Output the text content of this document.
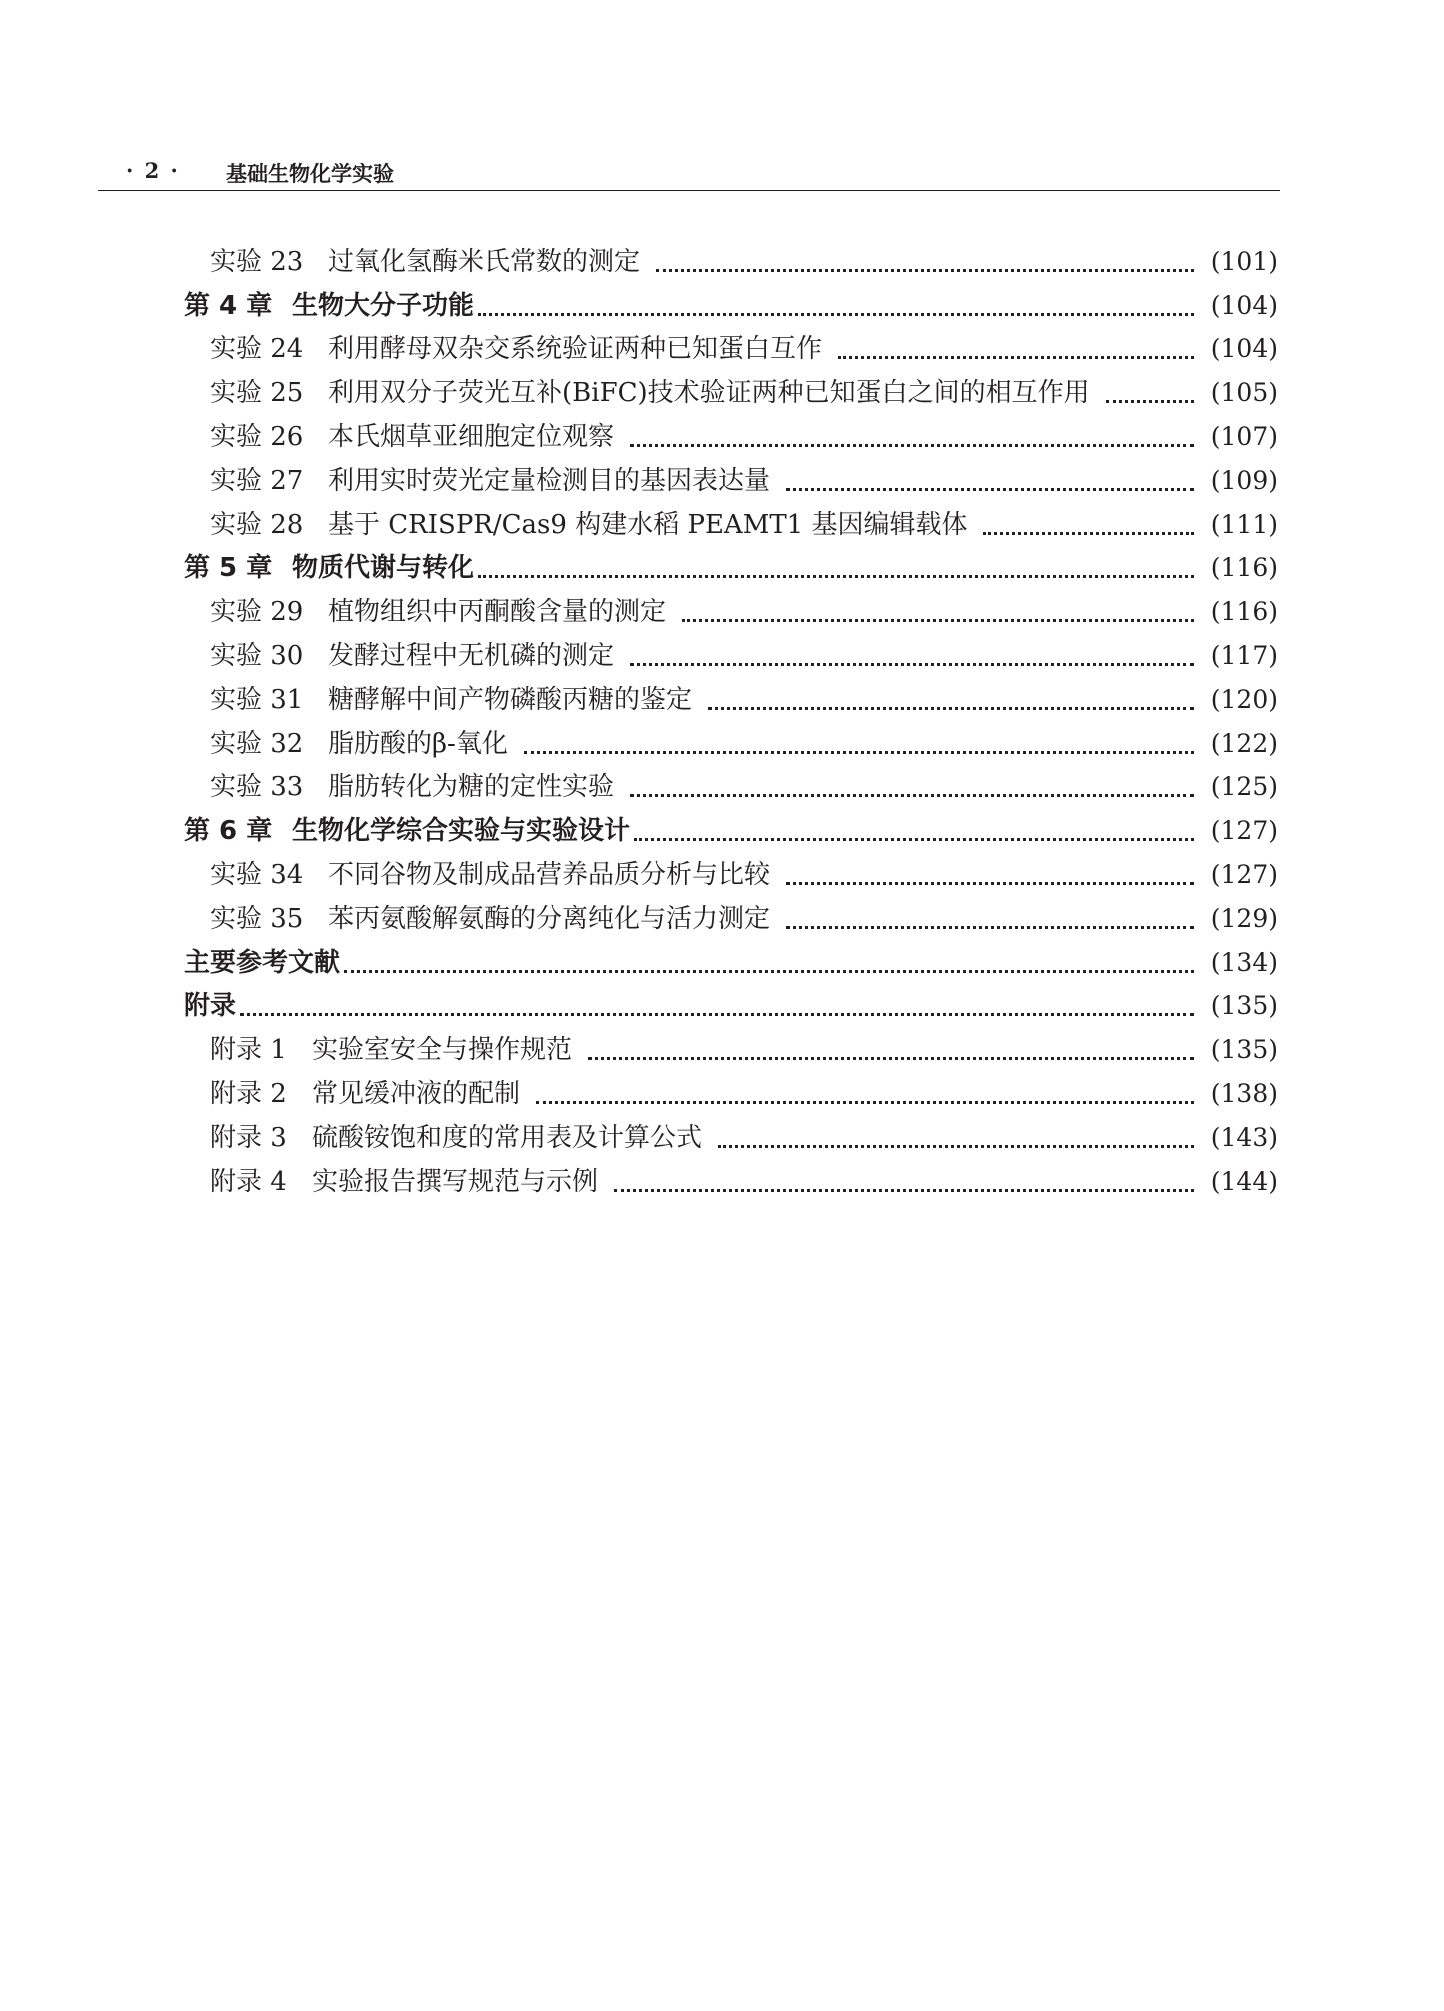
· 2 · 基础生物化学实验
实验 23 过氧化氢酶米氏常数的测定	(101)
第 4 章 生物大分子功能	(104)
实验 24 利用酵母双杂交系统验证两种已知蛋白互作	(104)
实验 25 利用双分子荧光互补(BiFC)技术验证两种已知蛋白之间的相互作用	(105)
实验 26 本氏烟草亚细胞定位观察	(107)
实验 27 利用实时荧光定量检测目的基因表达量	(109)
实验 28 基于 CRISPR/Cas9 构建水稻 PEAMT1 基因编辑载体	(111)
第 5 章 物质代谢与转化	(116)
实验 29 植物组织中丙酮酸含量的测定	(116)
实验 30 发酵过程中无机磷的测定	(117)
实验 31 糖酵解中间产物磷酸丙糖的鉴定	(120)
实验 32 脂肪酸的β-氧化	(122)
实验 33 脂肪转化为糖的定性实验	(125)
第 6 章 生物化学综合实验与实验设计	(127)
实验 34 不同谷物及制成品营养品质分析与比较	(127)
实验 35 苯丙氨酸解氨酶的分离纯化与活力测定	(129)
主要参考文献	(134)
附录	(135)
附录 1 实验室安全与操作规范	(135)
附录 2 常见缓冲液的配制	(138)
附录 3 硫酸铵饱和度的常用表及计算公式	(143)
附录 4 实验报告撰写规范与示例	(144)
